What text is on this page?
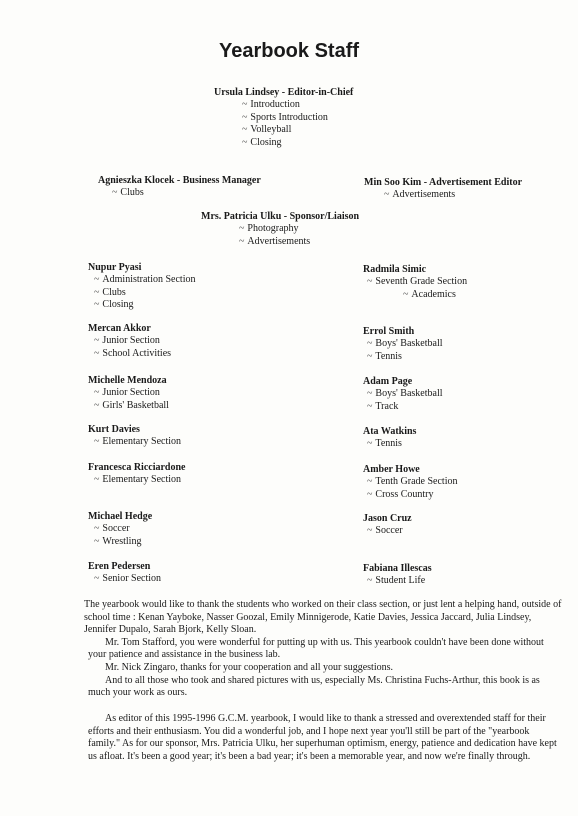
Yearbook Staff
Ursula Lindsey - Editor-in-Chief
~ Introduction
~ Sports Introduction
~ Volleyball
~ Closing
Agnieszka Klocek - Business Manager
~ Clubs
Min Soo Kim - Advertisement Editor
~ Advertisements
Mrs. Patricia Ulku - Sponsor/Liaison
~ Photography
~ Advertisements
Nupur Pyasi
~ Administration Section
~ Clubs
~ Closing
Mercan Akkor
~ Junior Section
~ School Activities
Michelle Mendoza
~ Junior Section
~ Girls' Basketball
Kurt Davies
~ Elementary Section
Francesca Ricciardone
~ Elementary Section
Michael Hedge
~ Soccer
~ Wrestling
Eren Pedersen
~ Senior Section
Radmila Simic
~ Seventh Grade Section
~ Academics
Errol Smith
~ Boys' Basketball
~ Tennis
Adam Page
~ Boys' Basketball
~ Track
Ata Watkins
~ Tennis
Amber Howe
~ Tenth Grade Section
~ Cross Country
Jason Cruz
~ Soccer
Fabiana Illescas
~ Student Life

The yearbook would like to thank the students who worked on their class section, or just lent a helping hand, outside of school time : Kenan Yayboke, Nasser Goozal, Emily Minnigerode, Katie Davies, Jessica Jaccard, Julia Lindsey, Jennifer Dupalo, Sarah Bjork, Kelly Sloan.

Mr. Tom Stafford, you were wonderful for putting up with us. This yearbook couldn't have been done without your patience and assistance in the business lab.

Mr. Nick Zingaro, thanks for your cooperation and all your suggestions.

And to all those who took and shared pictures with us, especially Ms. Christina Fuchs-Arthur, this book is as much your work as ours.

As editor of this 1995-1996 G.C.M. yearbook, I would like to thank a stressed and overextended staff for their efforts and their enthusiasm. You did a wonderful job, and I hope next year you'll still be part of the "yearbook family." As for our sponsor, Mrs. Patricia Ulku, her superhuman optimism, energy, patience and dedication have kept us afloat. It's been a good year; it's been a bad year; it's been a memorable year, and now we're finally through.
